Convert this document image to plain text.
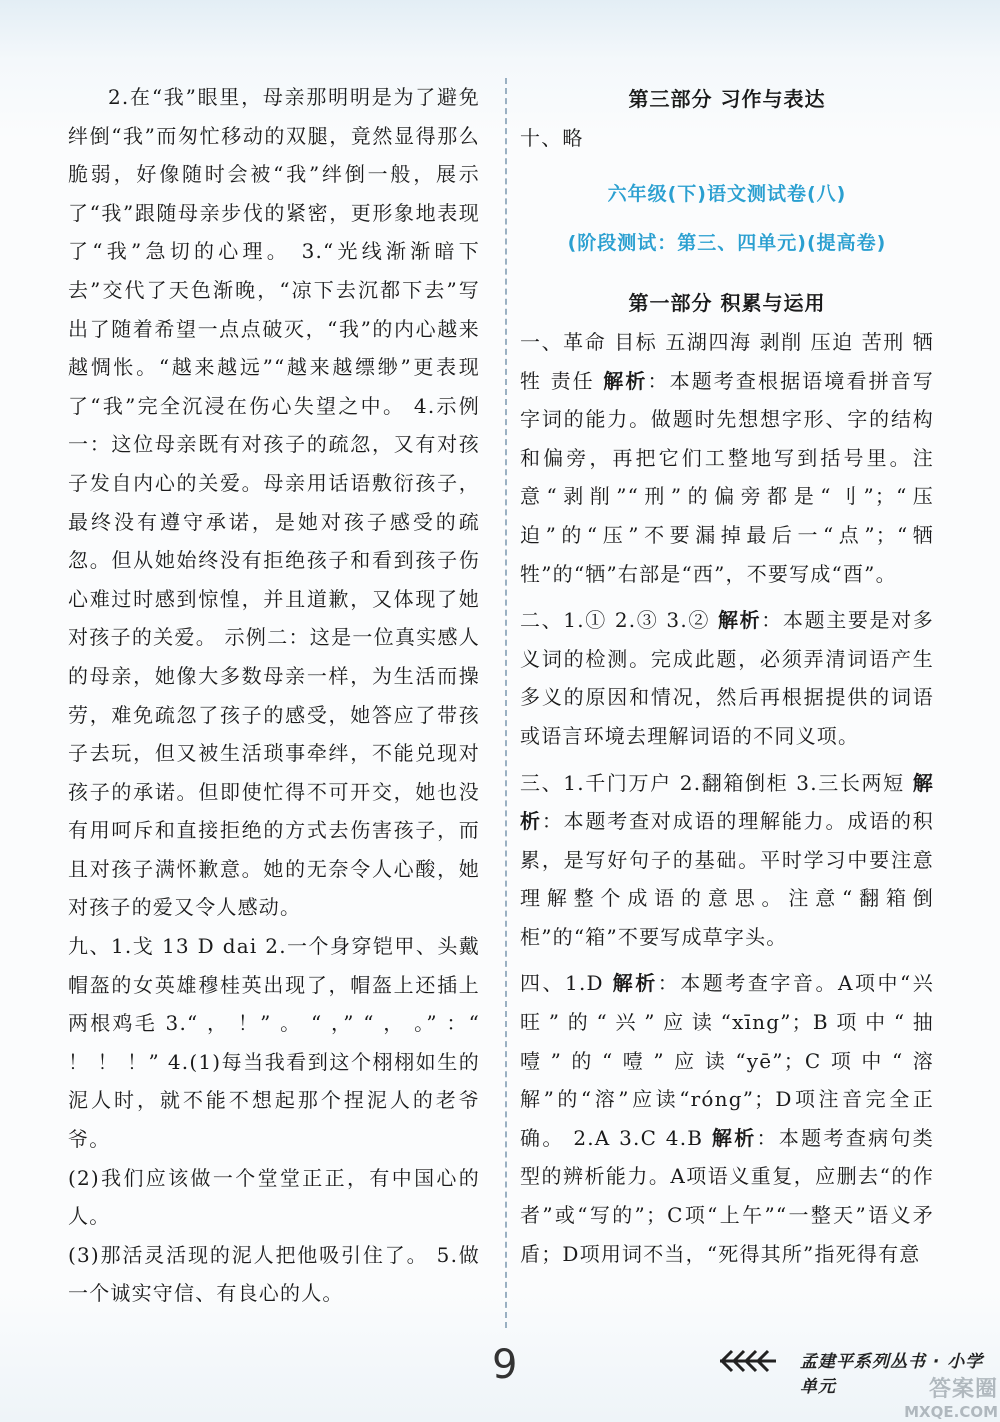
2.在“我”眼里，母亲那明明是为了避免绊倒“我”而匆忙移动的双腿，竟然显得那么脆弱，好像随时会被“我”绊倒一般，展示了“我”跟随母亲步伐的紧密，更形象地表现了“我”急切的心理。 3.“光线渐渐暗下去”交代了天色渐晚，“凉下去沉都下去”写出了随着希望一点点破灭，“我”的内心越来越惆怅。“越来越远”“越来越缥缈”更表现了“我”完全沉浸在伤心失望之中。 4.示例一：这位母亲既有对孩子的疏忽，又有对孩子发自内心的关爱。母亲用话语敷衍孩子，最终没有遵守承诺，是她对孩子感受的疏忽。但从她始终没有拒绝孩子和看到孩子伤心难过时感到惊惶，并且道歉，又体现了她对孩子的关爱。 示例二：这是一位真实感人的母亲，她像大多数母亲一样，为生活而操劳，难免疏忽了孩子的感受，她答应了带孩子去玩，但又被生活琐事牵绊，不能兑现对孩子的承诺。但即使忙得不可开交，她也没有用呵斥和直接拒绝的方式去伤害孩子，而且对孩子满怀歉意。她的无奈令人心酸，她对孩子的爱又令人感动。

九、1.戈 13 D dai 2.一个身穿铠甲、头戴帽盔的女英雄穆桂英出现了，帽盔上还插上两根鸡毛 3.“ ， ！” 。 “ ，” “ ， 。” ：“ ！ ！ ！” 4.(1)每当我看到这个栩栩如生的泥人时，就不能不想起那个捏泥人的老爷爷。

(2)我们应该做一个堂堂正正，有中国心的人。

(3)那活灵活现的泥人把他吸引住了。 5.做一个诚实守信、有良心的人。

第三部分 习作与表达

十、略

六年级(下)语文测试卷(八)

(阶段测试：第三、四单元)(提高卷)

第一部分 积累与运用

一、革命 目标 五湖四海 剥削 压迫 苦刑 牺牲 责任 解析：本题考查根据语境看拼音写字词的能力。做题时先想想字形、字的结构和偏旁，再把它们工整地写到括号里。注意“剥削”“刑”的偏旁都是“刂”；“压迫”的“压”不要漏掉最后一“点”；“牺牲”的“牺”右部是“西”，不要写成“酉”。

二、1.① 2.③ 3.② 解析：本题主要是对多义词的检测。完成此题，必须弄清词语产生多义的原因和情况，然后再根据提供的词语或语言环境去理解词语的不同义项。

三、1.千门万户 2.翻箱倒柜 3.三长两短 解析：本题考查对成语的理解能力。成语的积累，是写好句子的基础。平时学习中要注意理解整个成语的意思。注意“翻箱倒柜”的“箱”不要写成草字头。

四、1.D 解析：本题考查字音。A项中“兴旺”的“兴”应读“xīng”；B项中“抽噎”的“噎”应读“yē”；C项中“溶解”的“溶”应读“róng”；D项注音完全正确。 2.A 3.C 4.B 解析：本题考查病句类型的辨析能力。A项语义重复，应删去“的作者”或“写的”；C项“上午”“一整天”语义矛盾；D项用词不当，“死得其所”指死得有意

9	孟建平系列丛书 · 小学单元	答案圈
MXQE.COM
